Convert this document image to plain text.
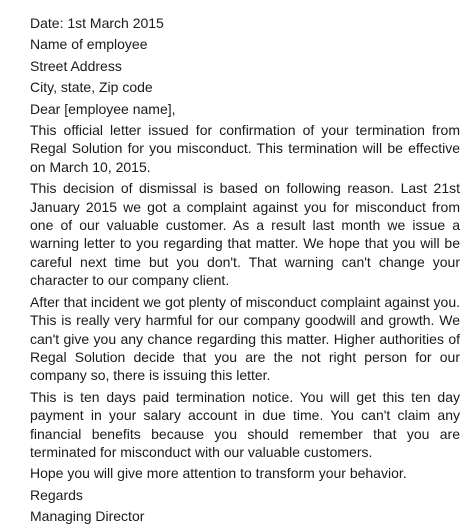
Date: 1st March 2015

Name of employee

Street Address

City, state, Zip code

Dear [employee name],

This official letter issued for confirmation of your termination from Regal Solution for you misconduct. This termination will be effective on March 10, 2015.

This decision of dismissal is based on following reason. Last 21st January 2015 we got a complaint against you for misconduct from one of our valuable customer. As a result last month we issue a warning letter to you regarding that matter. We hope that you will be careful next time but you don't. That warning can't change your character to our company client.

After that incident we got plenty of misconduct complaint against you. This is really very harmful for our company goodwill and growth. We can't give you any chance regarding this matter. Higher authorities of Regal Solution decide that you are the not right person for our company so, there is issuing this letter.

This is ten days paid termination notice. You will get this ten day payment in your salary account in due time. You can't claim any financial benefits because you should remember that you are terminated for misconduct with our valuable customers.

Hope you will give more attention to transform your behavior.

Regards

Managing Director
